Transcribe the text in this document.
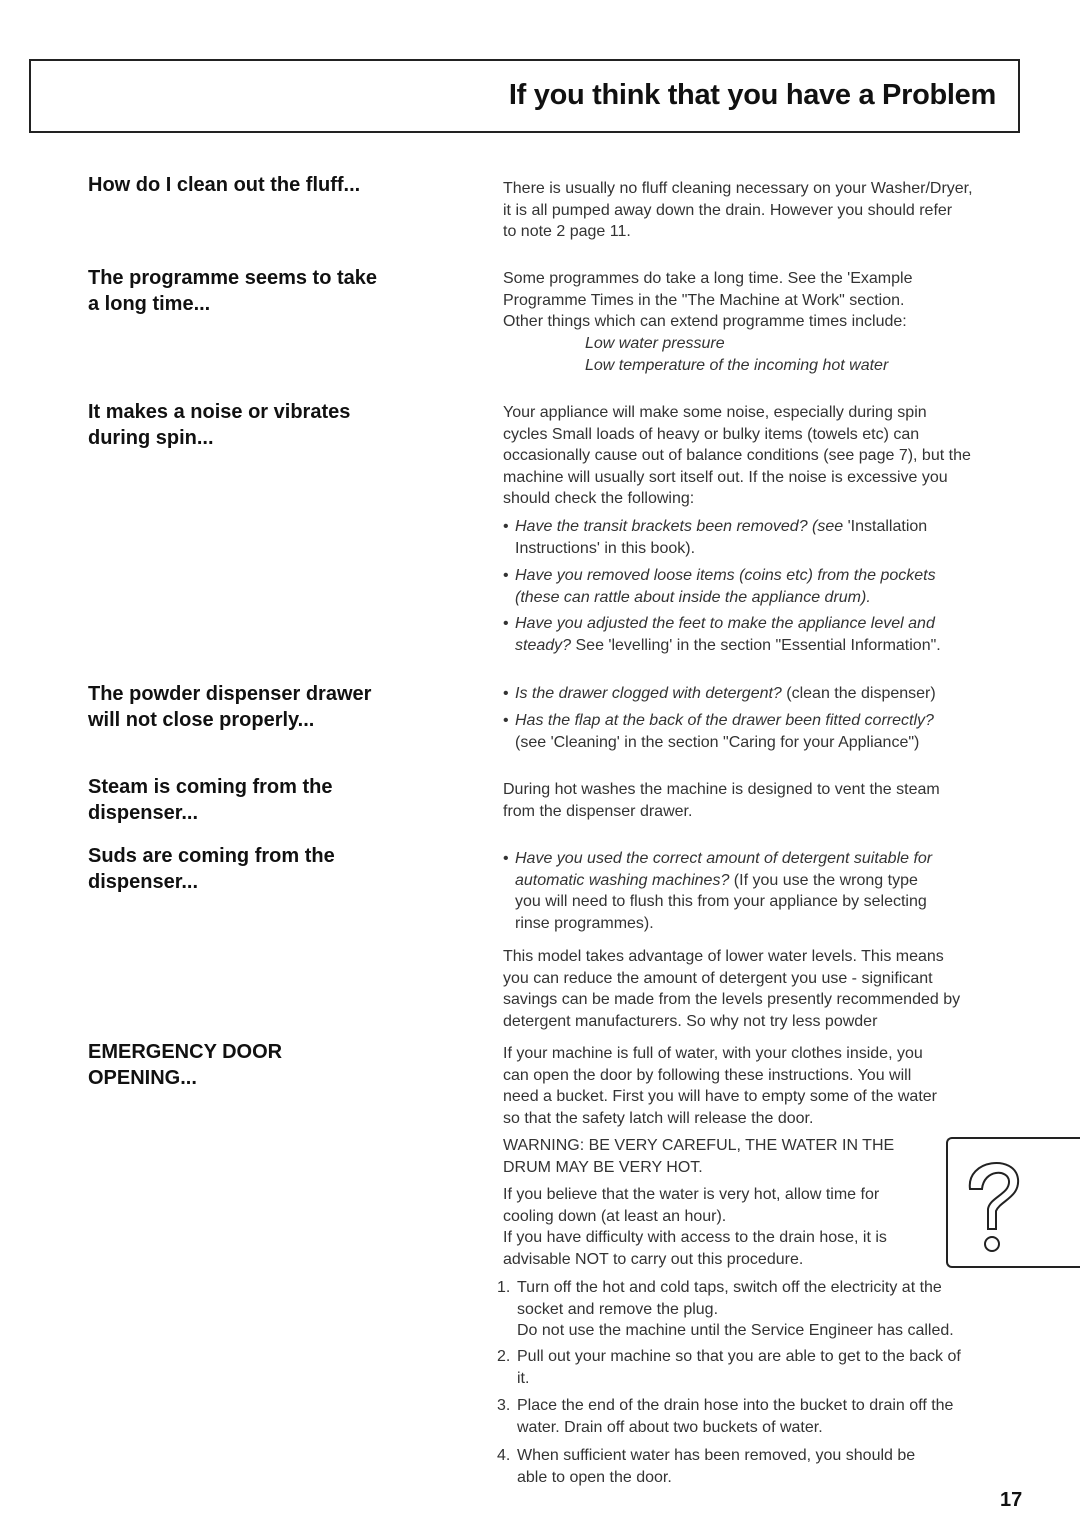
If you think that you have a Problem
How do I clean out the fluff...
The programme seems to take
a long time...
It makes a noise or vibrates
during spin...
The powder dispenser drawer
will not close properly...
Steam is coming from the
dispenser...
Suds are coming from the
dispenser...
EMERGENCY DOOR
OPENING...
There is usually no fluff cleaning necessary on your Washer/Dryer,
it is all pumped away down the drain. However you should refer
to note 2 page 11.
Some programmes do take a long time. See the 'Example
Programme Times in the "The Machine at Work" section.
Other things which can extend programme times include:
Low water pressure
Low temperature of the incoming hot water
Your appliance will make some noise, especially during spin
cycles Small loads of heavy or bulky items (towels etc) can
occasionally cause out of balance conditions (see page 7), but the
machine will usually sort itself out. If the noise is excessive you
should check the following:
• Have the transit brackets been removed? (see 'Installation
Instructions' in this book).
• Have you removed loose items (coins etc) from the pockets
(these can rattle about inside the appliance drum).
• Have you adjusted the feet to make the appliance level and
steady? See 'levelling' in the section "Essential Information".
• Is the drawer clogged with detergent? (clean the dispenser)
• Has the flap at the back of the drawer been fitted correctly?
(see 'Cleaning' in the section "Caring for your Appliance")
During hot washes the machine is designed to vent the steam
from the dispenser drawer.
• Have you used the correct amount of detergent suitable for
automatic washing machines? (If you use the wrong type
you will need to flush this from your appliance by selecting
rinse programmes).
This model takes advantage of lower water levels. This means
you can reduce the amount of detergent you use - significant
savings can be made from the levels presently recommended by
detergent manufacturers. So why not try less powder
If your machine is full of water, with your clothes inside, you
can open the door by following these instructions. You will
need a bucket. First you will have to empty some of the water
so that the safety latch will release the door.
WARNING: BE VERY CAREFUL, THE WATER IN THE
DRUM MAY BE VERY HOT.
If you believe that the water is very hot, allow time for
cooling down (at least an hour).
If you have difficulty with access to the drain hose, it is
advisable NOT to carry out this procedure.
1. Turn off the hot and cold taps, switch off the electricity at the
socket and remove the plug.
Do not use the machine until the Service Engineer has called.
2. Pull out your machine so that you are able to get to the back of
it.
3. Place the end of the drain hose into the bucket to drain off the
water. Drain off about two buckets of water.
4. When sufficient water has been removed, you should be
able to open the door.
17
